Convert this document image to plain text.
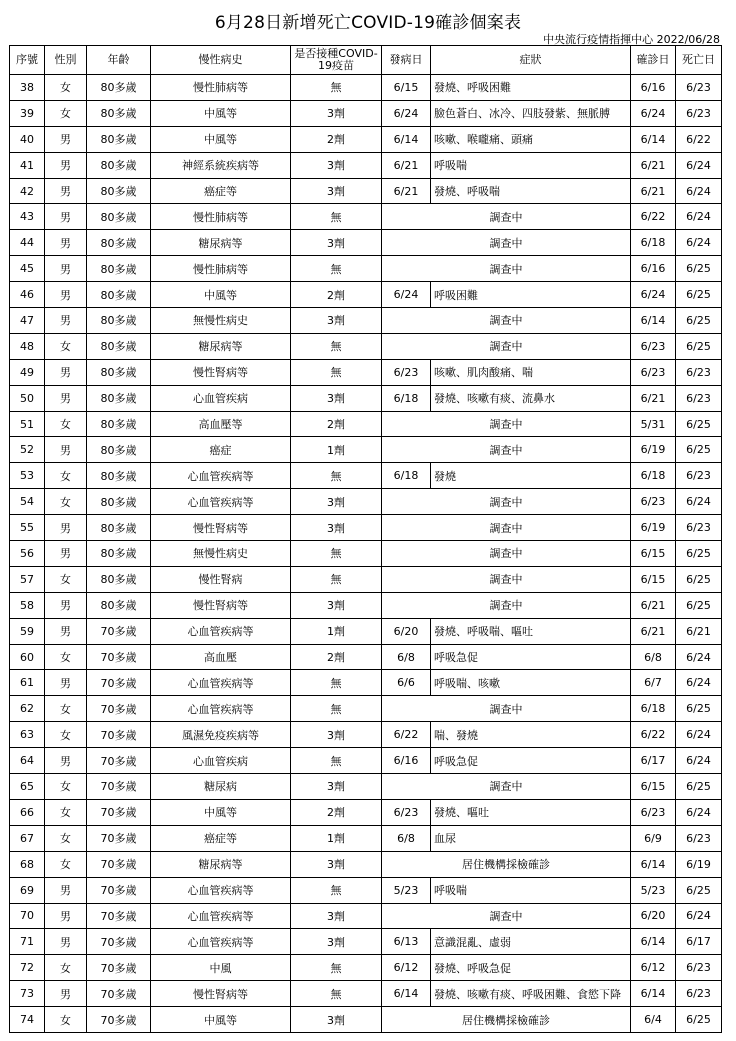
6月28日新增死亡COVID-19確診個案表
中央流行疫情指揮中心 2022/06/28
序號	性別	年齡	慢性病史	是否接種COVID-19疫苗	發病日	症狀	確診日	死亡日
38	女	80多歲	慢性肺病等	無	6/15	發燒、呼吸困難	6/16	6/23
39	女	80多歲	中風等	3劑	6/24	臉色蒼白、冰冷、四肢發紫、無脈膊	6/24	6/23
40	男	80多歲	中風等	2劑	6/14	咳嗽、喉嚨痛、頭痛	6/14	6/22
41	男	80多歲	神經系統疾病等	3劑	6/21	呼吸喘	6/21	6/24
42	男	80多歲	癌症等	3劑	6/21	發燒、呼吸喘	6/21	6/24
43	男	80多歲	慢性肺病等	無	調查中		6/22	6/24
44	男	80多歲	糖尿病等	3劑	調查中		6/18	6/24
45	男	80多歲	慢性肺病等	無	調查中		6/16	6/25
46	男	80多歲	中風等	2劑	6/24	呼吸困難	6/24	6/25
47	男	80多歲	無慢性病史	3劑	調查中		6/14	6/25
48	女	80多歲	糖尿病等	無	調查中		6/23	6/25
49	男	80多歲	慢性腎病等	無	6/23	咳嗽、肌肉酸痛、喘	6/23	6/23
50	男	80多歲	心血管疾病	3劑	6/18	發燒、咳嗽有痰、流鼻水	6/21	6/23
51	女	80多歲	高血壓等	2劑	調查中		5/31	6/25
52	男	80多歲	癌症	1劑	調查中		6/19	6/25
53	女	80多歲	心血管疾病等	無	6/18	發燒	6/18	6/23
54	女	80多歲	心血管疾病等	3劑	調查中		6/23	6/24
55	男	80多歲	慢性腎病等	3劑	調查中		6/19	6/23
56	男	80多歲	無慢性病史	無	調查中		6/15	6/25
57	女	80多歲	慢性腎病	無	調查中		6/15	6/25
58	男	80多歲	慢性腎病等	3劑	調查中		6/21	6/25
59	男	70多歲	心血管疾病等	1劑	6/20	發燒、呼吸喘、嘔吐	6/21	6/21
60	女	70多歲	高血壓	2劑	6/8	呼吸急促	6/8	6/24
61	男	70多歲	心血管疾病等	無	6/6	呼吸喘、咳嗽	6/7	6/24
62	女	70多歲	心血管疾病等	無	調查中		6/18	6/25
63	女	70多歲	風濕免疫疾病等	3劑	6/22	喘、發燒	6/22	6/24
64	男	70多歲	心血管疾病	無	6/16	呼吸急促	6/17	6/24
65	女	70多歲	糖尿病	3劑	調查中		6/15	6/25
66	女	70多歲	中風等	2劑	6/23	發燒、嘔吐	6/23	6/24
67	女	70多歲	癌症等	1劑	6/8	血尿	6/9	6/23
68	女	70多歲	糖尿病等	3劑	居住機構採檢確診		6/14	6/19
69	男	70多歲	心血管疾病等	無	5/23	呼吸喘	5/23	6/25
70	男	70多歲	心血管疾病等	3劑	調查中		6/20	6/24
71	男	70多歲	心血管疾病等	3劑	6/13	意識混亂、虛弱	6/14	6/17
72	女	70多歲	中風	無	6/12	發燒、呼吸急促	6/12	6/23
73	男	70多歲	慢性腎病等	無	6/14	發燒、咳嗽有痰、呼吸困難、食慾下降	6/14	6/23
74	女	70多歲	中風等	3劑	居住機構採檢確診		6/4	6/25
